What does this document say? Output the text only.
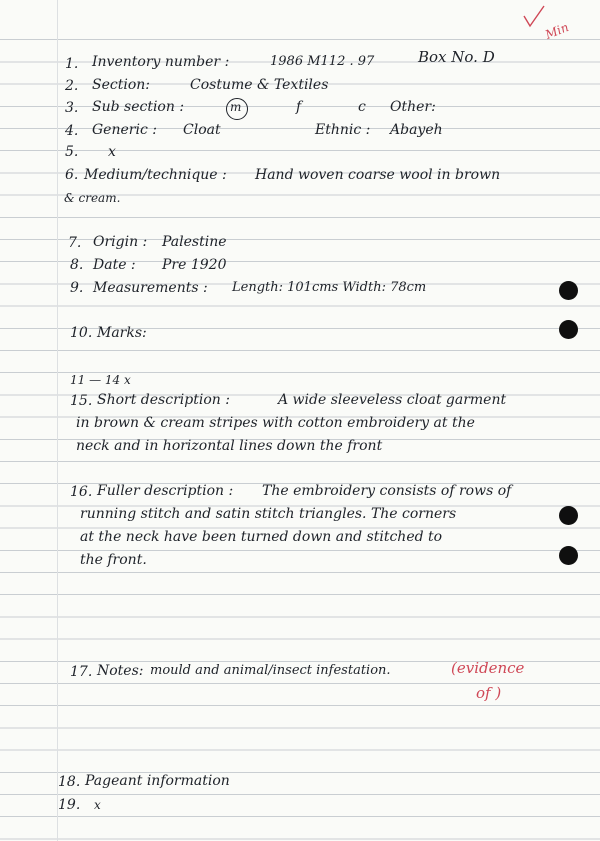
Min
Box No. D
1. Inventory number :	1986 M112 . 97
2. Section:	Costume & Textiles
3. Sub section :	m	f	c Other:
4. Generic : Cloat	Ethnic : Abayeh
5. x
6. Medium/technique : Hand woven coarse wool in brown
& cream.
7. Origin : Palestine
8. Date : Pre 1920
9. Measurements : Length: 101cms Width: 78cm
10. Marks:
11 — 14 x
15. Short description :	A wide sleeveless cloat garment
in brown & cream stripes with cotton embroidery at the
neck and in horizontal lines down the front
16. Fuller description : The embroidery consists of rows of
running stitch and satin stitch triangles. The corners
at the neck have been turned down and stitched to
the front.
17. Notes: mould and animal/insect infestation.	(evidence
of )
18. Pageant information
19. x
